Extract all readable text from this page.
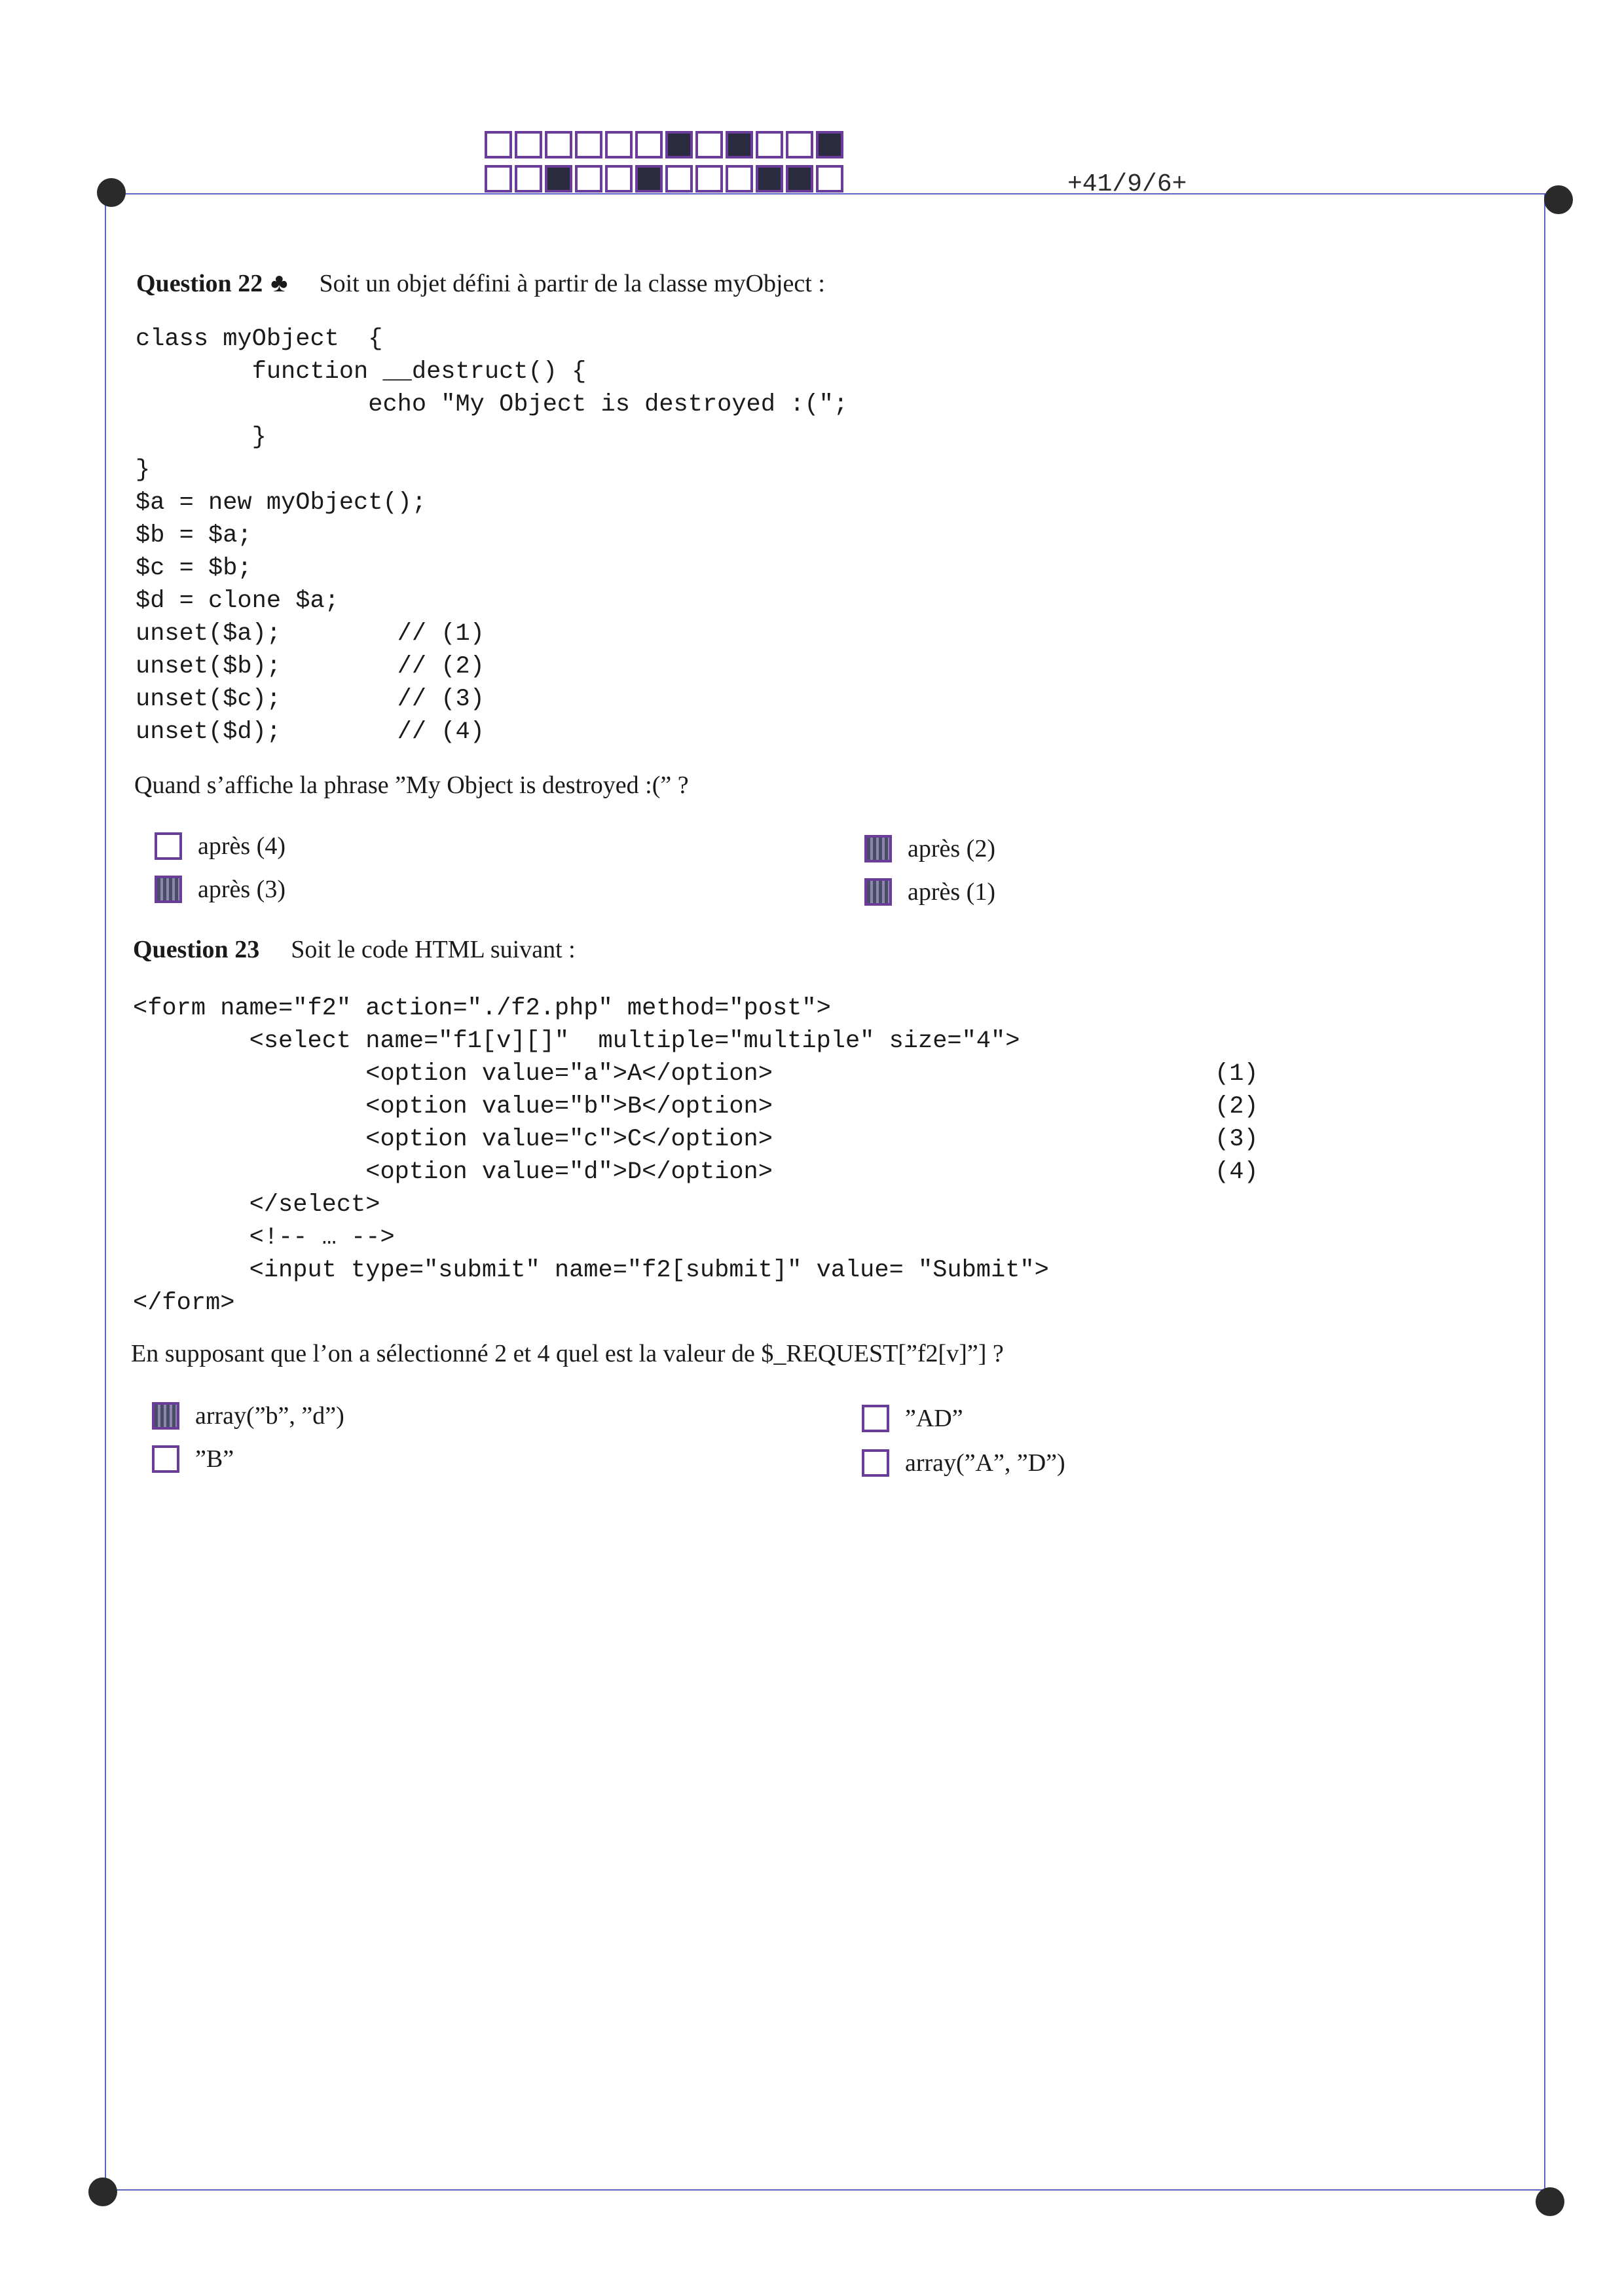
+41/9/6+
Question 22 ♣ Soit un objet défini à partir de la classe myObject :
class myObject  {
function __destruct() {
echo "My Object is destroyed :(";
}
}
$a = new myObject();
$b = $a;
$c = $b;
$d = clone $a;
unset($a);        // (1)
unset($b);        // (2)
unset($c);        // (3)
unset($d);        // (4)
Quand s’affiche la phrase ”My Object is destroyed :(” ?
après (4)
après (3)
après (2)
après (1)
Question 23 Soit le code HTML suivant :
<form name="f2" action="./f2.php" method="post">
<select name="f1[v][]"  multiple="multiple" size="4">
<option value="a">A</option>
<option value="b">B</option>
<option value="c">C</option>
<option value="d">D</option>
</select>
<!-- … -->
<input type="submit" name="f2[submit]" value= "Submit">
</form>
(1)
(2)
(3)
(4)
En supposant que l’on a sélectionné 2 et 4 quel est la valeur de $_REQUEST[”f2[v]”] ?
array(”b”, ”d”)
”B”
”AD”
array(”A”, ”D”)
